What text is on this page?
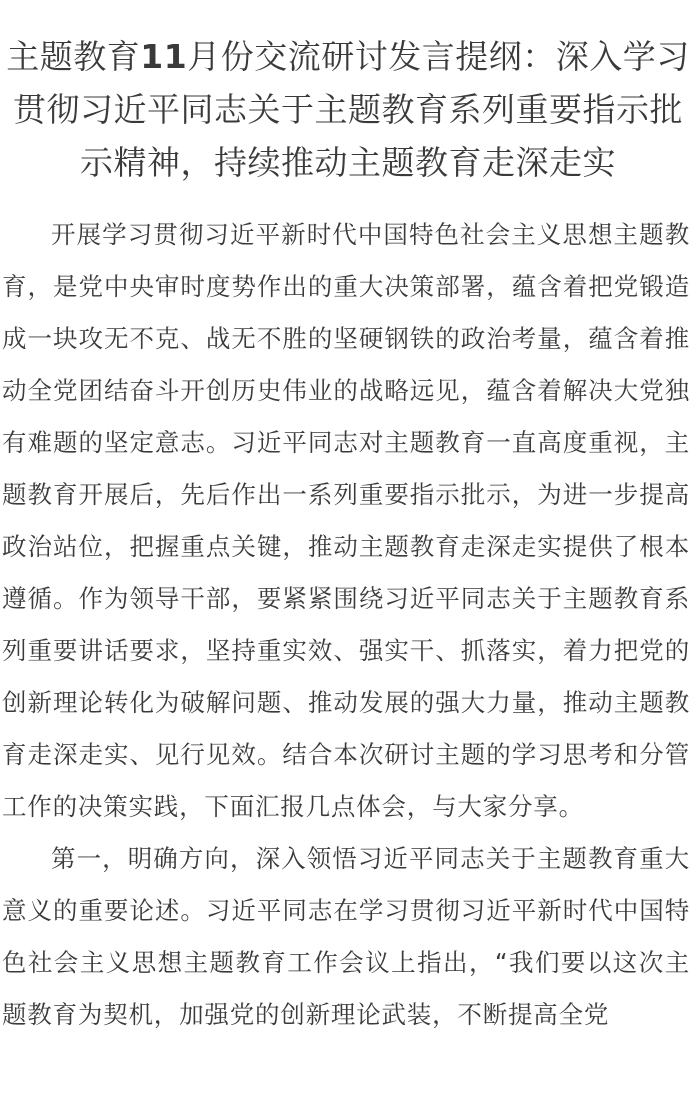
主题教育11月份交流研讨发言提纲：深入学习贯彻习近平同志关于主题教育系列重要指示批示精神，持续推动主题教育走深走实

开展学习贯彻习近平新时代中国特色社会主义思想主题教育，是党中央审时度势作出的重大决策部署，蕴含着把党锻造成一块攻无不克、战无不胜的坚硬钢铁的政治考量，蕴含着推动全党团结奋斗开创历史伟业的战略远见，蕴含着解决大党独有难题的坚定意志。习近平同志对主题教育一直高度重视，主题教育开展后，先后作出一系列重要指示批示，为进一步提高政治站位，把握重点关键，推动主题教育走深走实提供了根本遵循。作为领导干部，要紧紧围绕习近平同志关于主题教育系列重要讲话要求，坚持重实效、强实干、抓落实，着力把党的创新理论转化为破解问题、推动发展的强大力量，推动主题教育走深走实、见行见效。结合本次研讨主题的学习思考和分管工作的决策实践，下面汇报几点体会，与大家分享。

第一，明确方向，深入领悟习近平同志关于主题教育重大意义的重要论述。习近平同志在学习贯彻习近平新时代中国特色社会主义思想主题教育工作会议上指出，“我们要以这次主题教育为契机，加强党的创新理论武装，不断提高全党
